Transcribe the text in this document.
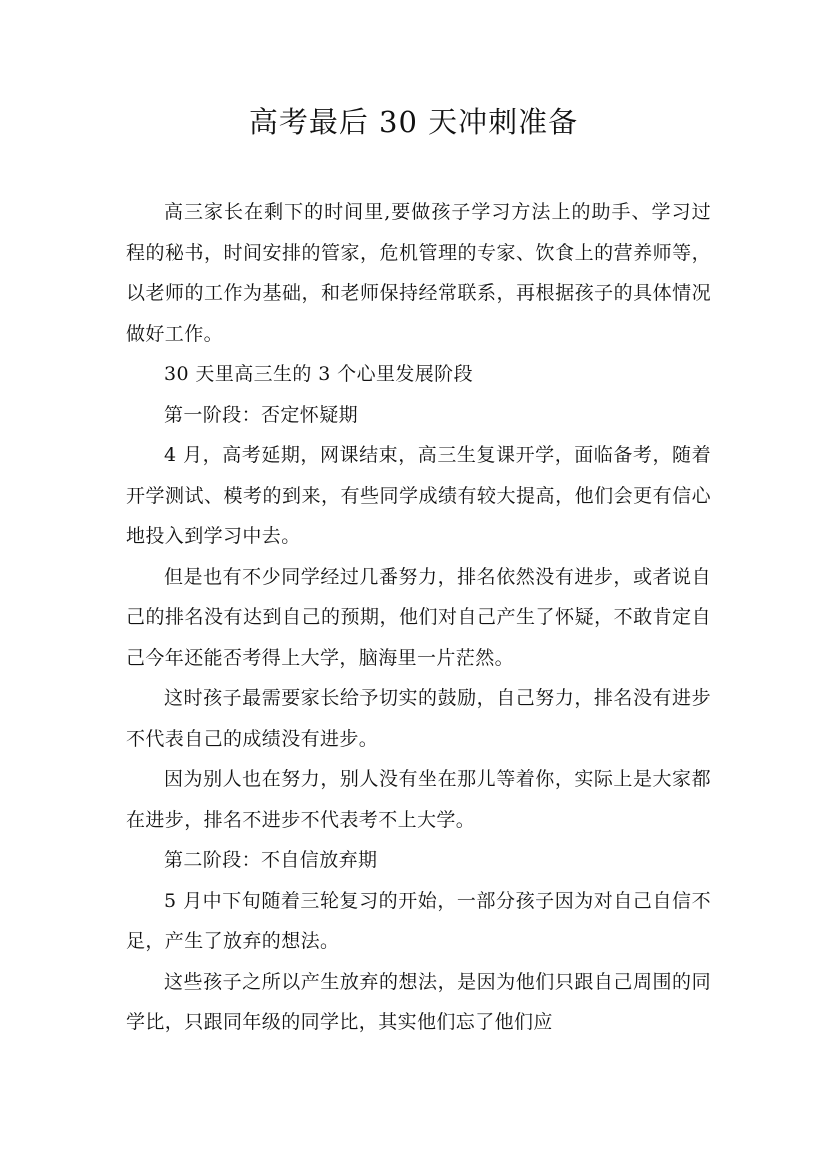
高考最后 30 天冲刺准备

高三家长在剩下的时间里,要做孩子学习方法上的助手、学习过程的秘书，时间安排的管家，危机管理的专家、饮食上的营养师等，以老师的工作为基础，和老师保持经常联系，再根据孩子的具体情况做好工作。

30 天里高三生的 3 个心里发展阶段

第一阶段：否定怀疑期

4 月，高考延期，网课结束，高三生复课开学，面临备考，随着开学测试、模考的到来，有些同学成绩有较大提高，他们会更有信心地投入到学习中去。

但是也有不少同学经过几番努力，排名依然没有进步，或者说自己的排名没有达到自己的预期，他们对自己产生了怀疑，不敢肯定自己今年还能否考得上大学，脑海里一片茫然。

这时孩子最需要家长给予切实的鼓励，自己努力，排名没有进步不代表自己的成绩没有进步。

因为别人也在努力，别人没有坐在那儿等着你，实际上是大家都在进步，排名不进步不代表考不上大学。

第二阶段：不自信放弃期

5 月中下旬随着三轮复习的开始，一部分孩子因为对自己自信不足，产生了放弃的想法。

这些孩子之所以产生放弃的想法，是因为他们只跟自己周围的同学比，只跟同年级的同学比，其实他们忘了他们应
